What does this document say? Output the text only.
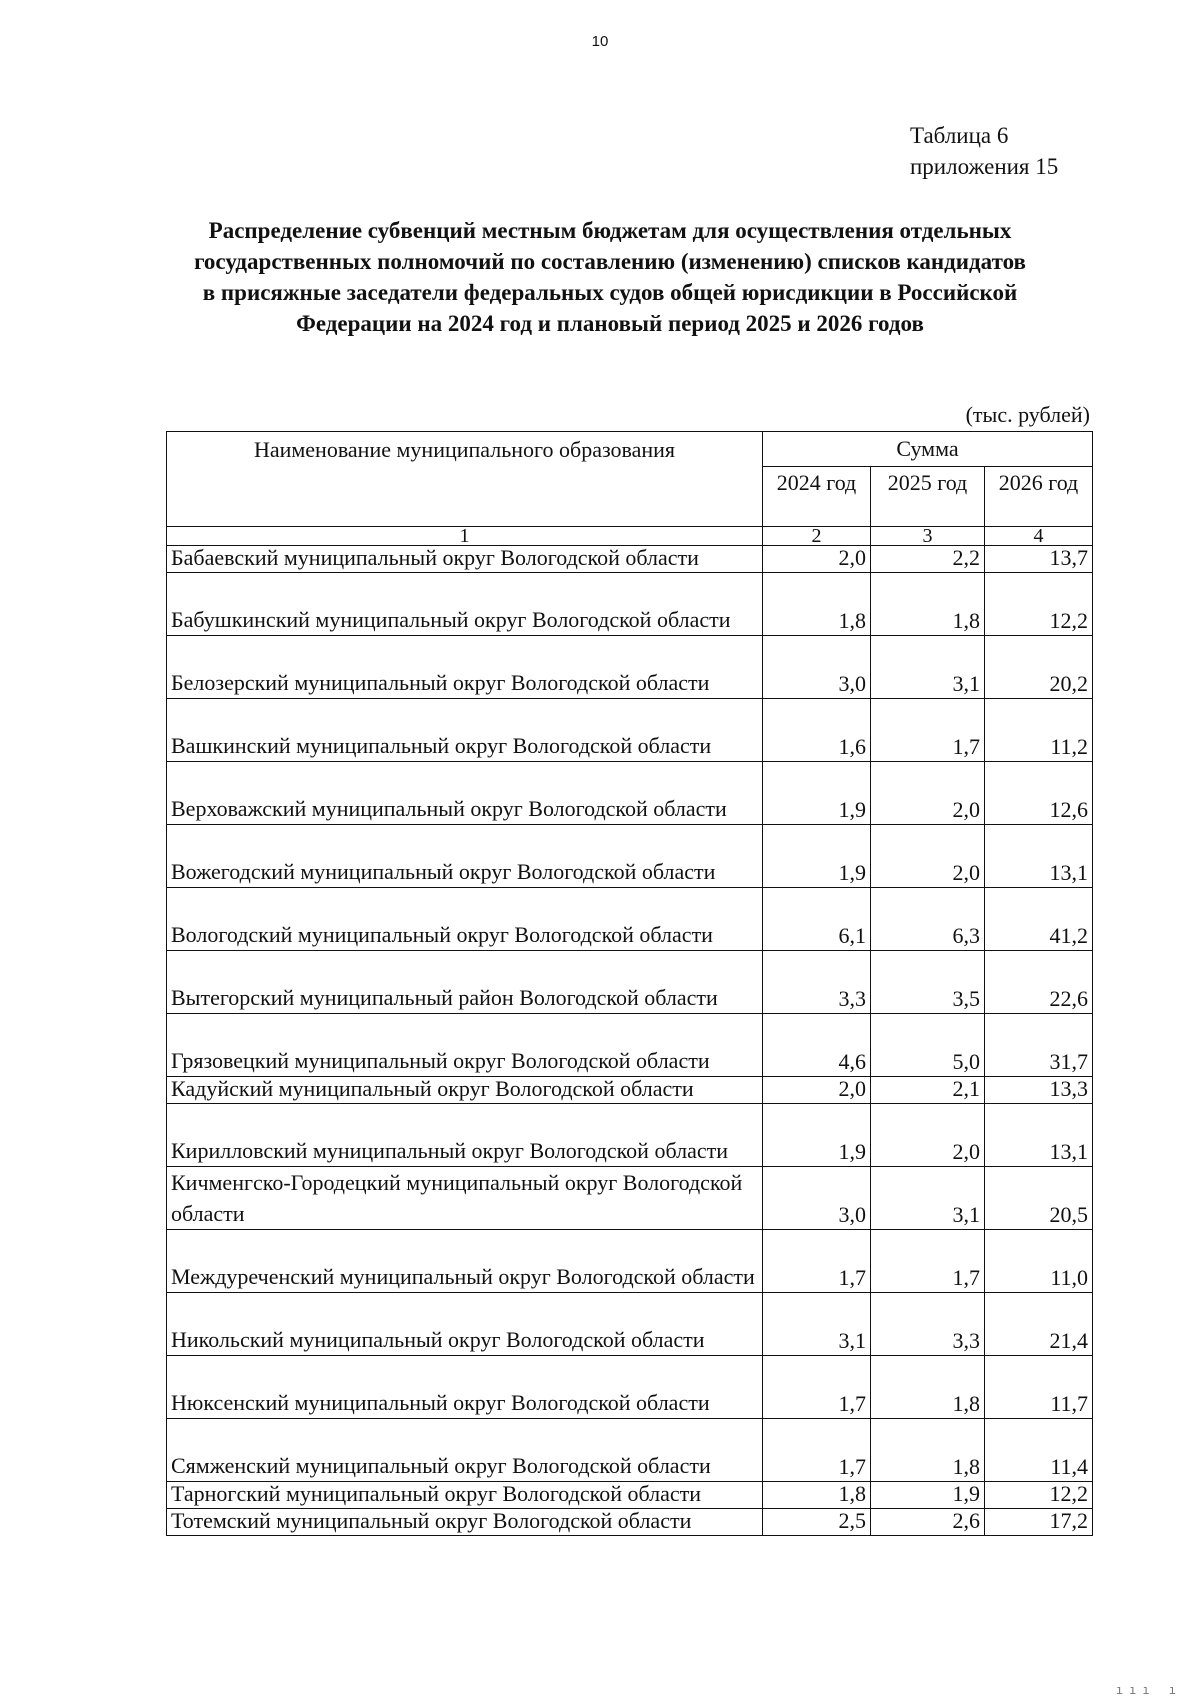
10
Таблица 6
приложения 15
Распределение субвенций местным бюджетам для осуществления отдельных
государственных полномочий по составлению (изменению) списков кандидатов
в присяжные заседатели федеральных судов общей юрисдикции в Российской
Федерации на 2024 год и плановый период 2025 и 2026 годов
(тыс. рублей)
Наименование муниципального образования	Сумма		
	2024 год	2025 год	2026 год
1	2	3	4
Бабаевский муниципальный округ Вологодской области	2,0	2,2	13,7
Бабушкинский муниципальный округ Вологодской области	1,8	1,8	12,2
Белозерский муниципальный округ Вологодской области	3,0	3,1	20,2
Вашкинский муниципальный округ Вологодской области	1,6	1,7	11,2
Верховажский муниципальный округ Вологодской области	1,9	2,0	12,6
Вожегодский муниципальный округ Вологодской области	1,9	2,0	13,1
Вологодский муниципальный округ Вологодской области	6,1	6,3	41,2
Вытегорский муниципальный район Вологодской области	3,3	3,5	22,6
Грязовецкий муниципальный округ Вологодской области	4,6	5,0	31,7
Кадуйский муниципальный округ Вологодской области	2,0	2,1	13,3
Кирилловский муниципальный округ Вологодской области	1,9	2,0	13,1
Кичменгско-Городецкий муниципальный округ Вологодской области	3,0	3,1	20,5
Междуреченский муниципальный округ Вологодской области	1,7	1,7	11,0
Никольский муниципальный округ Вологодской области	3,1	3,3	21,4
Нюксенский муниципальный округ Вологодской области	1,7	1,8	11,7
Сямженский муниципальный округ Вологодской области	1,7	1,8	11,4
Тарногский муниципальный округ Вологодской области	1,8	1,9	12,2
Тотемский муниципальный округ Вологодской области	2,5	2,6	17,2
ııı ı
